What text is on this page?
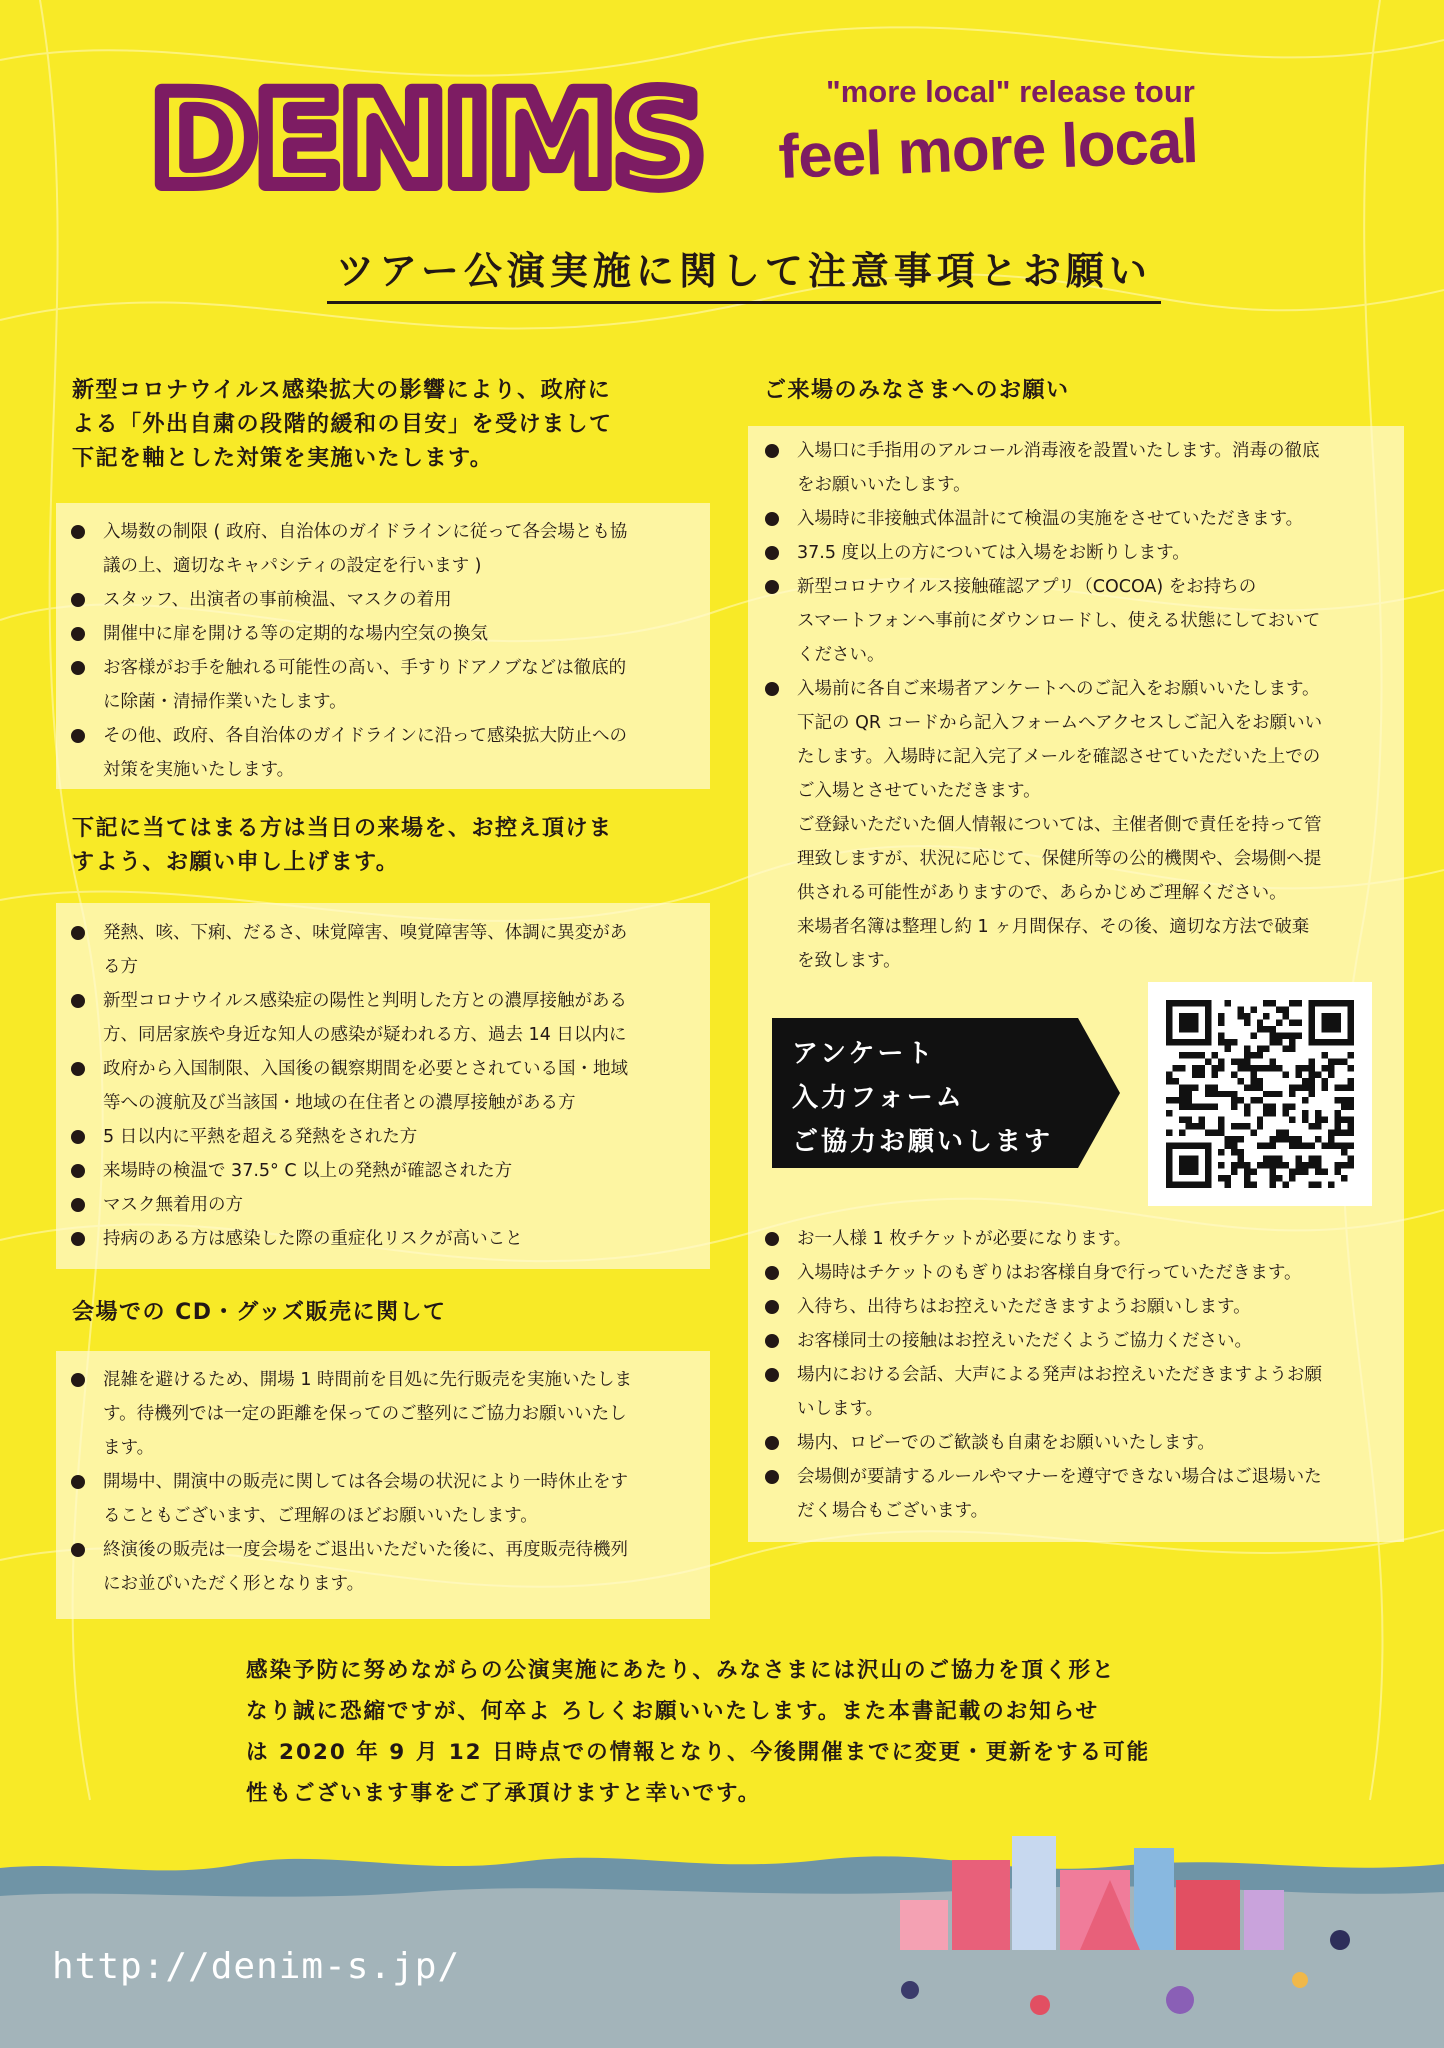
DENIMS	"more local" release tour
feel more local
ツアー公演実施に関して注意事項とお願い
新型コロナウイルス感染拡大の影響により、政府に
よる「外出自粛の段階的緩和の目安」を受けまして
下記を軸とした対策を実施いたします。
入場数の制限 ( 政府、自治体のガイドラインに従って各会場とも協
議の上、適切なキャパシティの設定を行います )
スタッフ、出演者の事前検温、マスクの着用
開催中に扉を開ける等の定期的な場内空気の換気
お客様がお手を触れる可能性の高い、手すりドアノブなどは徹底的
に除菌・清掃作業いたします。
その他、政府、各自治体のガイドラインに沿って感染拡大防止への
対策を実施いたします。
下記に当てはまる方は当日の来場を、お控え頂けま
すよう、お願い申し上げます。
発熱、咳、下痢、だるさ、味覚障害、嗅覚障害等、体調に異変があ
る方
新型コロナウイルス感染症の陽性と判明した方との濃厚接触がある
方、同居家族や身近な知人の感染が疑われる方、過去 14 日以内に
政府から入国制限、入国後の観察期間を必要とされている国・地域
等への渡航及び当該国・地域の在住者との濃厚接触がある方
5 日以内に平熱を超える発熱をされた方
来場時の検温で 37.5° C 以上の発熱が確認された方
マスク無着用の方
持病のある方は感染した際の重症化リスクが高いこと
会場での CD・グッズ販売に関して
混雑を避けるため、開場 1 時間前を目処に先行販売を実施いたしま
す。待機列では一定の距離を保ってのご整列にご協力お願いいたし
ます。
開場中、開演中の販売に関しては各会場の状況により一時休止をす
ることもございます、ご理解のほどお願いいたします。
終演後の販売は一度会場をご退出いただいた後に、再度販売待機列
にお並びいただく形となります。
ご来場のみなさまへのお願い
入場口に手指用のアルコール消毒液を設置いたします。消毒の徹底
をお願いいたします。
入場時に非接触式体温計にて検温の実施をさせていただきます。
37.5 度以上の方については入場をお断りします。
新型コロナウイルス接触確認アプリ（COCOA) をお持ちの
スマートフォンへ事前にダウンロードし、使える状態にしておいて
ください。
入場前に各自ご来場者アンケートへのご記入をお願いいたします。
下記の QR コードから記入フォームへアクセスしご記入をお願いい
たします。入場時に記入完了メールを確認させていただいた上での
ご入場とさせていただきます。
ご登録いただいた個人情報については、主催者側で責任を持って管
理致しますが、状況に応じて、保健所等の公的機関や、会場側へ提
供される可能性がありますので、あらかじめご理解ください。
来場者名簿は整理し約 1 ヶ月間保存、その後、適切な方法で破棄
を致します。
お一人様 1 枚チケットが必要になります。
入場時はチケットのもぎりはお客様自身で行っていただきます。
入待ち、出待ちはお控えいただきますようお願いします。
お客様同士の接触はお控えいただくようご協力ください。
場内における会話、大声による発声はお控えいただきますようお願
いします。
場内、ロビーでのご歓談も自粛をお願いいたします。
会場側が要請するルールやマナーを遵守できない場合はご退場いた
だく場合もございます。
アンケート
入力フォーム
ご協力お願いします
感染予防に努めながらの公演実施にあたり、みなさまには沢山のご協力を頂く形と
なり誠に恐縮ですが、何卒よ ろしくお願いいたします。また本書記載のお知らせ
は 2020 年 9 月 12 日時点での情報となり、今後開催までに変更・更新をする可能
性もございます事をご了承頂けますと幸いです。
http://denim-s.jp/
